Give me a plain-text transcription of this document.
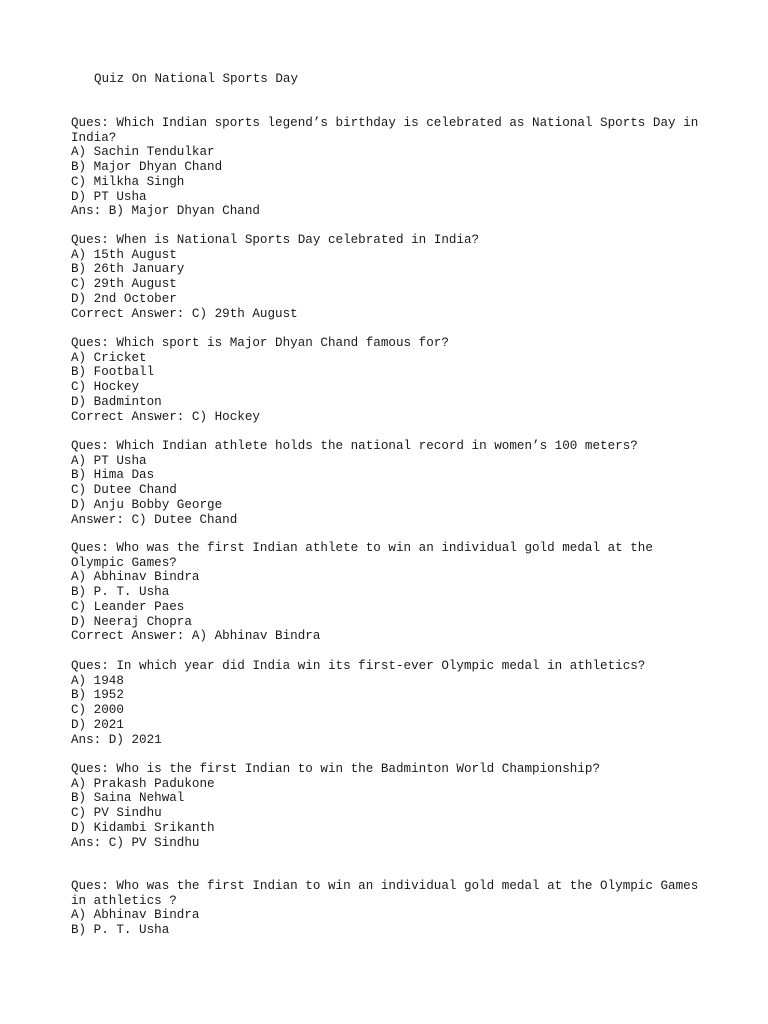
Quiz On National Sports Day
Ques: Which Indian sports legend’s birthday is celebrated as National Sports Day in India?
A) Sachin Tendulkar
B) Major Dhyan Chand
C) Milkha Singh
D) PT Usha
Ans: B) Major Dhyan Chand
Ques: When is National Sports Day celebrated in India?
A) 15th August
B) 26th January
C) 29th August
D) 2nd October
Correct Answer: C) 29th August
Ques: Which sport is Major Dhyan Chand famous for?
A) Cricket
B) Football
C) Hockey
D) Badminton
Correct Answer: C) Hockey
Ques: Which Indian athlete holds the national record in women’s 100 meters?
A) PT Usha
B) Hima Das
C) Dutee Chand
D) Anju Bobby George
Answer: C) Dutee Chand
Ques: Who was the first Indian athlete to win an individual gold medal at the Olympic Games?
A) Abhinav Bindra
B) P. T. Usha
C) Leander Paes
D) Neeraj Chopra
Correct Answer: A) Abhinav Bindra
Ques: In which year did India win its first-ever Olympic medal in athletics?
A) 1948
B) 1952
C) 2000
D) 2021
Ans: D) 2021
Ques: Who is the first Indian to win the Badminton World Championship?
A) Prakash Padukone
B) Saina Nehwal
C) PV Sindhu
D) Kidambi Srikanth
Ans: C) PV Sindhu
Ques: Who was the first Indian to win an individual gold medal at the Olympic Games in athletics ?
A) Abhinav Bindra
B) P. T. Usha
